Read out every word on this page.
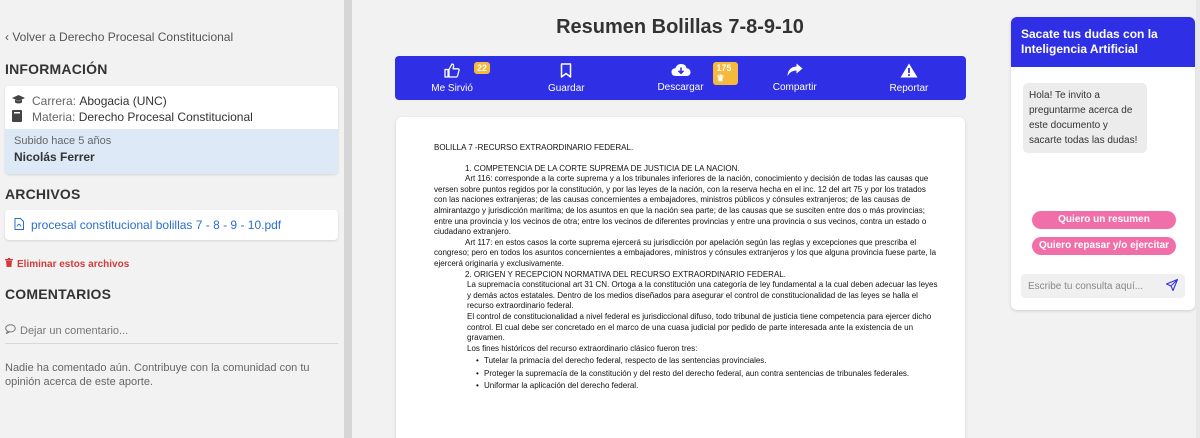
‹ Volver a Derecho Procesal Constitucional
INFORMACIÓN
Carrera:
Abogacia (UNC)
Materia:
Derecho Procesal Constitucional
Subido hace 5 años
Nicolás Ferrer
ARCHIVOS
procesal constitucional bolillas 7 - 8 - 9 - 10.pdf
Eliminar estos archivos
COMENTARIOS
Dejar un comentario...
Nadie ha comentado aún. Contribuye con la comunidad con tu opinión acerca de este aporte.
Resumen Bolillas 7-8-9-10
22
Me Sirvió	Guardar
175 ♛
Descargar	Compartir	Reportar

BOLILLA 7 -RECURSO EXTRAORDINARIO FEDERAL.

1. COMPETENCIA DE LA CORTE SUPREMA DE JUSTICIA DE LA NACION.

Art 116: corresponde a la corte suprema y a los tribunales inferiores de la nación, conocimiento y decisión de todas las causas que versen sobre puntos regidos por la constitución, y por las leyes de la nación, con la reserva hecha en el inc. 12 del art 75 y por los tratados con las naciones extranjeras; de las causas concernientes a embajadores, ministros públicos y cónsules extranjeros; de las causas de almirantazgo y jurisdicción marítima; de los asuntos en que la nación sea parte; de las causas que se susciten entre dos o más provincias; entre una provincia y los vecinos de otra; entre los vecinos de diferentes provincias y entre una provincia o sus vecinos, contra un estado o ciudadano extranjero.

Art 117: en estos casos la corte suprema ejercerá su jurisdicción por apelación según las reglas y excepciones que prescriba el congreso; pero en todos los asuntos concernientes a embajadores, ministros y cónsules extranjeros y los que alguna provincia fuese parte, la ejercerá originaria y exclusivamente.

2. ORIGEN Y RECEPCION NORMATIVA DEL RECURSO EXTRAORDINARIO FEDERAL.

La supremacía constitucional art 31 CN. Ortoga a la constitución una categoría de ley fundamental a la cual deben adecuar las leyes y demás actos estatales. Dentro de los medios diseñados para asegurar el control de constitucionalidad de las leyes se halla el recurso extraordinario federal.

El control de constitucionalidad a nivel federal es jurisdiccional difuso, todo tribunal de justicia tiene competencia para ejercer dicho control. El cual debe ser concretado en el marco de una cuasa judicial por pedido de parte interesada ante la existencia de un gravamen.

Los fines históricos del recurso extraordinario clásico fueron tres:

• Tutelar la primacía del derecho federal, respecto de las sentencias provinciales.

• Proteger la supremacía de la constitución y del resto del derecho federal, aun contra sentencias de tribunales federales.

• Uniformar la aplicación del derecho federal.

Sacate tus dudas con la Inteligencia Artificial
Hola! Te invito a preguntarme acerca de este documento y sacarte todas las dudas!
Quiero un resumen
Quiero repasar y/o ejercitar
Escribe tu consulta aquí...
